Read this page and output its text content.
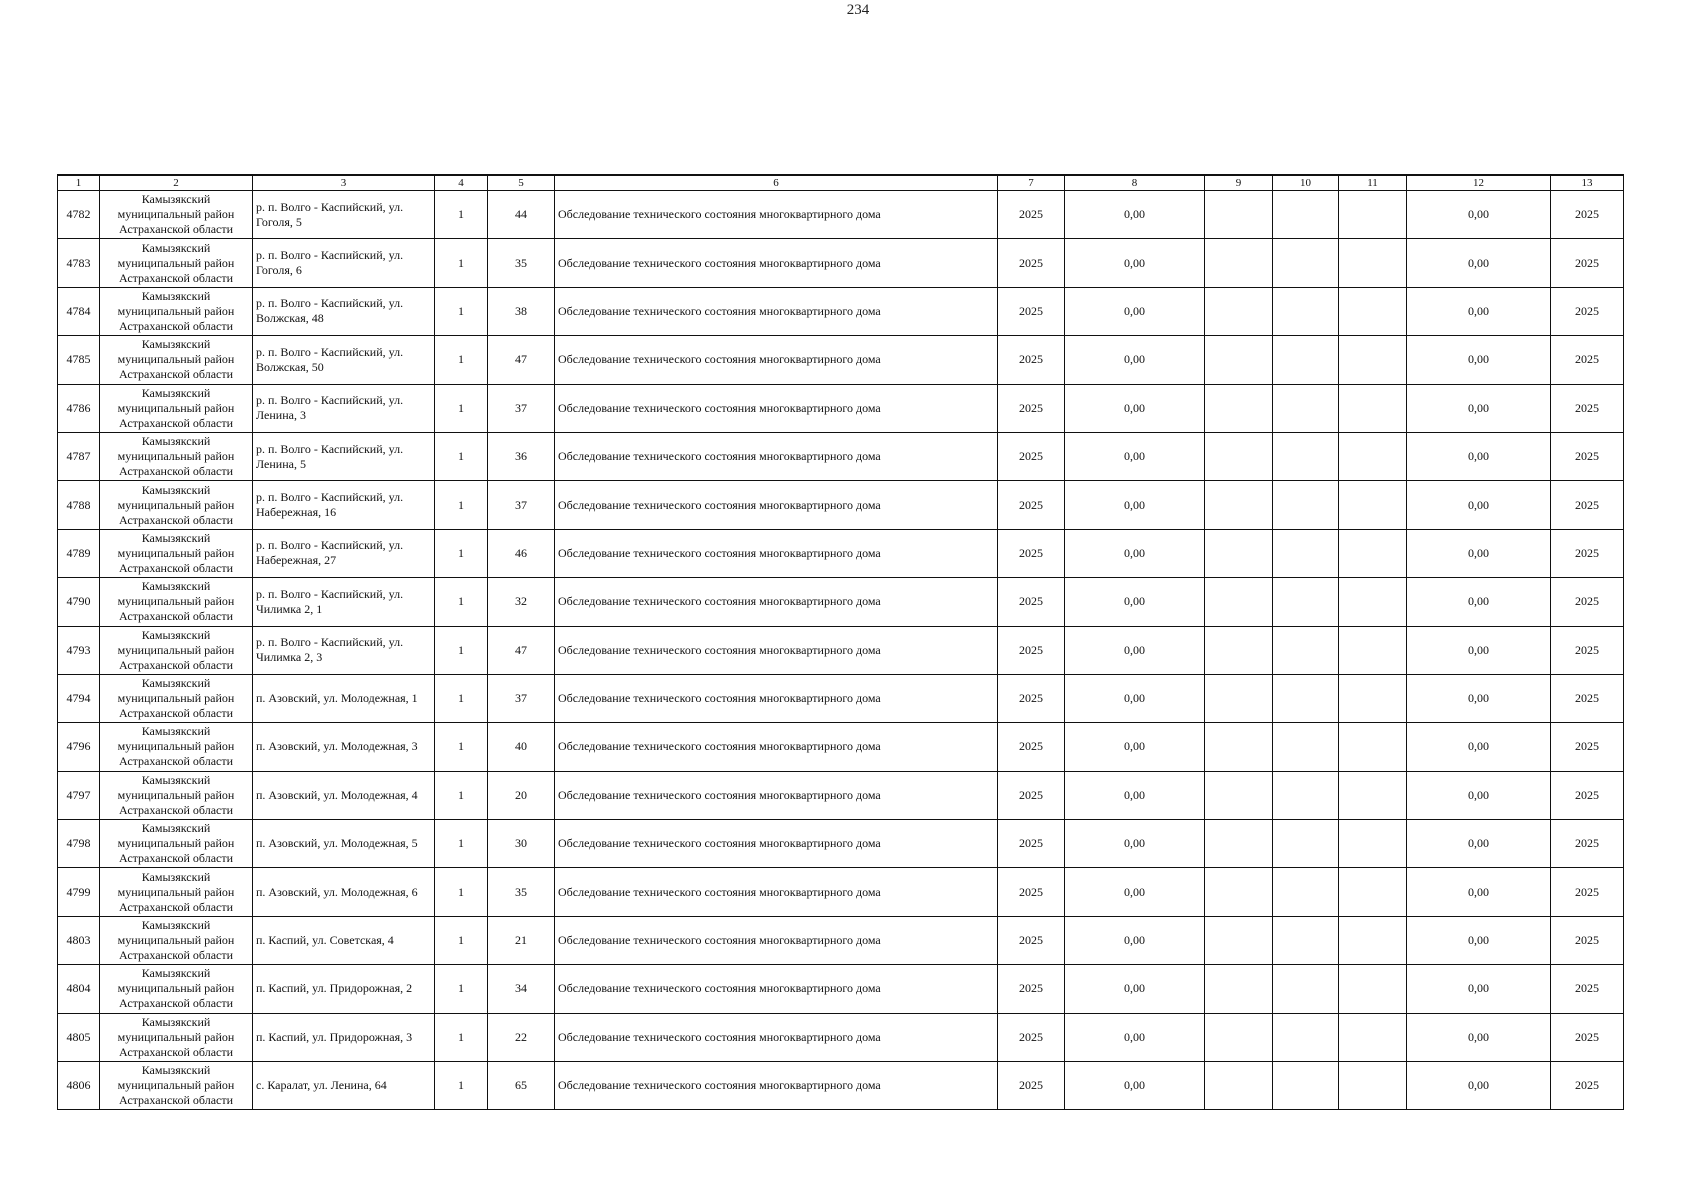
234
1	2	3	4	5	6	7	8	9	10	11	12	13
4782	Камызякский муниципальный район Астраханской области	р. п. Волго - Каспийский, ул. Гоголя, 5	1	44	Обследование технического состояния многоквартирного дома	2025	0,00				0,00	2025
4783	Камызякский муниципальный район Астраханской области	р. п. Волго - Каспийский, ул. Гоголя, 6	1	35	Обследование технического состояния многоквартирного дома	2025	0,00				0,00	2025
4784	Камызякский муниципальный район Астраханской области	р. п. Волго - Каспийский, ул. Волжская, 48	1	38	Обследование технического состояния многоквартирного дома	2025	0,00				0,00	2025
4785	Камызякский муниципальный район Астраханской области	р. п. Волго - Каспийский, ул. Волжская, 50	1	47	Обследование технического состояния многоквартирного дома	2025	0,00				0,00	2025
4786	Камызякский муниципальный район Астраханской области	р. п. Волго - Каспийский, ул. Ленина, 3	1	37	Обследование технического состояния многоквартирного дома	2025	0,00				0,00	2025
4787	Камызякский муниципальный район Астраханской области	р. п. Волго - Каспийский, ул. Ленина, 5	1	36	Обследование технического состояния многоквартирного дома	2025	0,00				0,00	2025
4788	Камызякский муниципальный район Астраханской области	р. п. Волго - Каспийский, ул. Набережная, 16	1	37	Обследование технического состояния многоквартирного дома	2025	0,00				0,00	2025
4789	Камызякский муниципальный район Астраханской области	р. п. Волго - Каспийский, ул. Набережная, 27	1	46	Обследование технического состояния многоквартирного дома	2025	0,00				0,00	2025
4790	Камызякский муниципальный район Астраханской области	р. п. Волго - Каспийский, ул. Чилимка 2, 1	1	32	Обследование технического состояния многоквартирного дома	2025	0,00				0,00	2025
4793	Камызякский муниципальный район Астраханской области	р. п. Волго - Каспийский, ул. Чилимка 2, 3	1	47	Обследование технического состояния многоквартирного дома	2025	0,00				0,00	2025
4794	Камызякский муниципальный район Астраханской области	п. Азовский, ул. Молодежная, 1	1	37	Обследование технического состояния многоквартирного дома	2025	0,00				0,00	2025
4796	Камызякский муниципальный район Астраханской области	п. Азовский, ул. Молодежная, 3	1	40	Обследование технического состояния многоквартирного дома	2025	0,00				0,00	2025
4797	Камызякский муниципальный район Астраханской области	п. Азовский, ул. Молодежная, 4	1	20	Обследование технического состояния многоквартирного дома	2025	0,00				0,00	2025
4798	Камызякский муниципальный район Астраханской области	п. Азовский, ул. Молодежная, 5	1	30	Обследование технического состояния многоквартирного дома	2025	0,00				0,00	2025
4799	Камызякский муниципальный район Астраханской области	п. Азовский, ул. Молодежная, 6	1	35	Обследование технического состояния многоквартирного дома	2025	0,00				0,00	2025
4803	Камызякский муниципальный район Астраханской области	п. Каспий, ул. Советская, 4	1	21	Обследование технического состояния многоквартирного дома	2025	0,00				0,00	2025
4804	Камызякский муниципальный район Астраханской области	п. Каспий, ул. Придорожная, 2	1	34	Обследование технического состояния многоквартирного дома	2025	0,00				0,00	2025
4805	Камызякский муниципальный район Астраханской области	п. Каспий, ул. Придорожная, 3	1	22	Обследование технического состояния многоквартирного дома	2025	0,00				0,00	2025
4806	Камызякский муниципальный район Астраханской области	с. Каралат, ул. Ленина, 64	1	65	Обследование технического состояния многоквартирного дома	2025	0,00				0,00	2025
